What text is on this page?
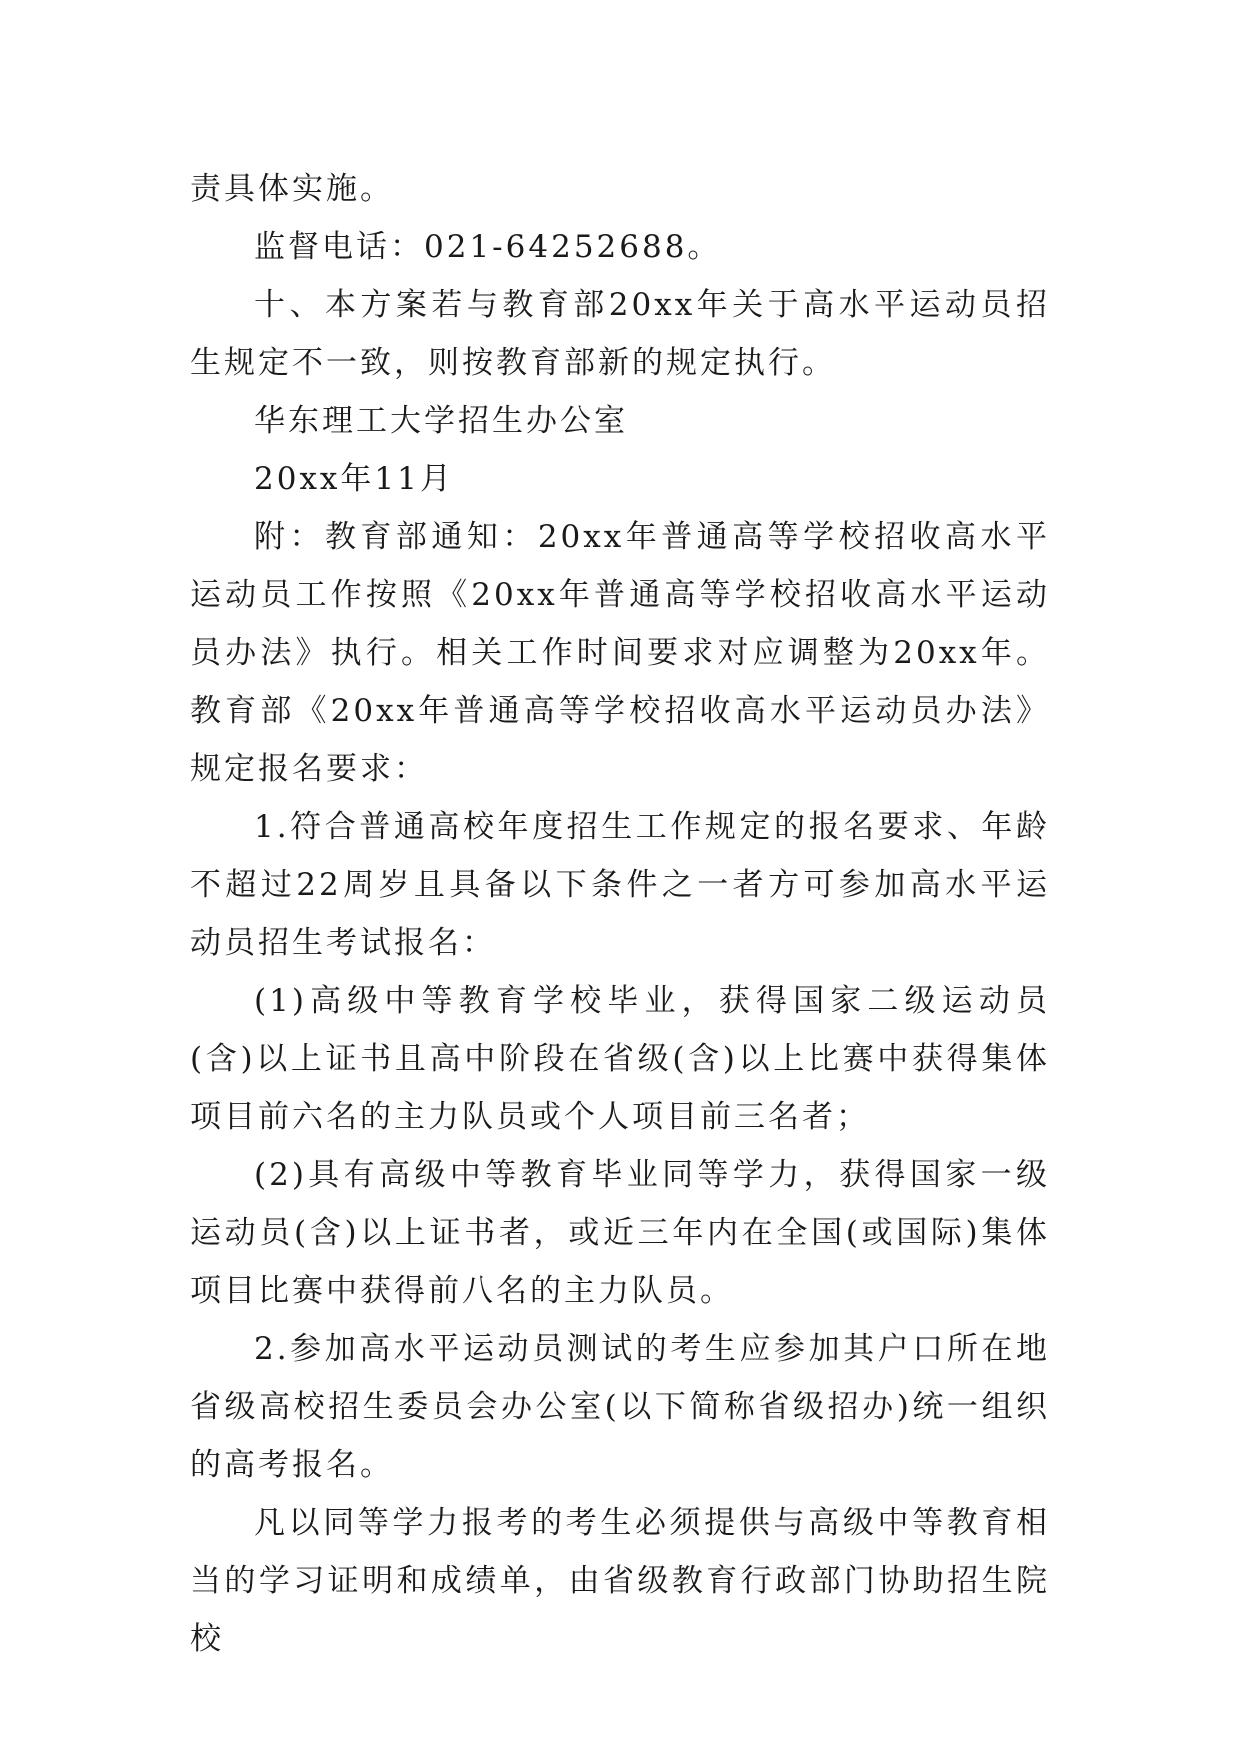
责具体实施。

监督电话：021-64252688。

十、本方案若与教育部20xx年关于高水平运动员招生规定不一致，则按教育部新的规定执行。

华东理工大学招生办公室

20xx年11月

附：教育部通知：20xx年普通高等学校招收高水平运动员工作按照《20xx年普通高等学校招收高水平运动员办法》执行。相关工作时间要求对应调整为20xx年。教育部《20xx年普通高等学校招收高水平运动员办法》规定报名要求：

1.符合普通高校年度招生工作规定的报名要求、年龄不超过22周岁且具备以下条件之一者方可参加高水平运动员招生考试报名：

(1)高级中等教育学校毕业，获得国家二级运动员(含)以上证书且高中阶段在省级(含)以上比赛中获得集体项目前六名的主力队员或个人项目前三名者；

(2)具有高级中等教育毕业同等学力，获得国家一级运动员(含)以上证书者，或近三年内在全国(或国际)集体项目比赛中获得前八名的主力队员。

2.参加高水平运动员测试的考生应参加其户口所在地省级高校招生委员会办公室(以下简称省级招办)统一组织的高考报名。

凡以同等学力报考的考生必须提供与高级中等教育相当的学习证明和成绩单，由省级教育行政部门协助招生院校
